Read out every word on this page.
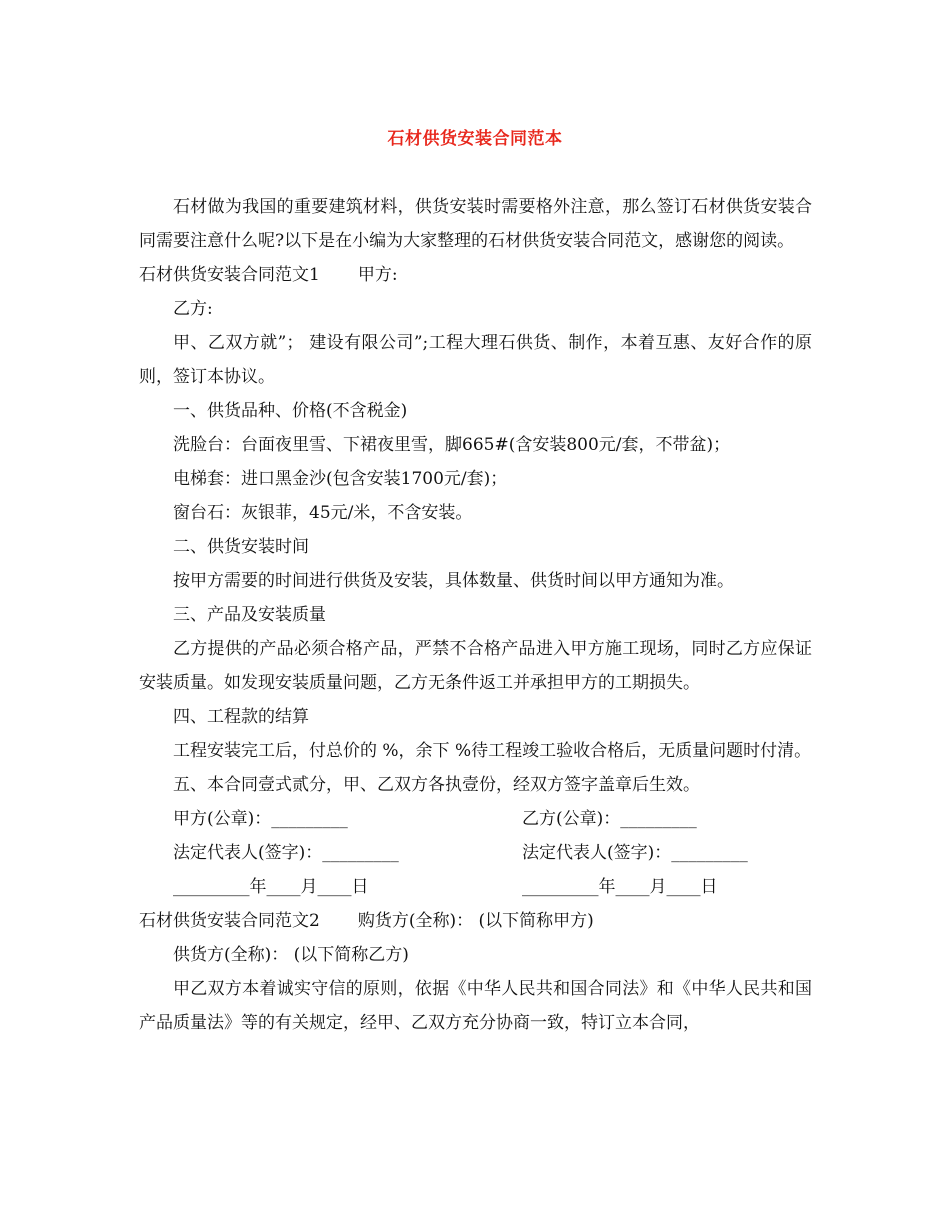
石材供货安装合同范本

石材做为我国的重要建筑材料，供货安装时需要格外注意，那么签订石材供货安装合同需要注意什么呢?以下是在小编为大家整理的石材供货安装合同范文，感谢您的阅读。

石材供货安装合同范文1 甲方:

乙方:

甲、乙双方就”； 建设有限公司”;工程大理石供货、制作，本着互惠、友好合作的原则，签订本协议。

一、供货品种、价格(不含税金)

洗脸台：台面夜里雪、下裙夜里雪，脚665#(含安装800元/套，不带盆)；

电梯套：进口黑金沙(包含安装1700元/套)；

窗台石：灰银菲，45元/米，不含安装。

二、供货安装时间

按甲方需要的时间进行供货及安装，具体数量、供货时间以甲方通知为准。

三、产品及安装质量

乙方提供的产品必须合格产品，严禁不合格产品进入甲方施工现场，同时乙方应保证安装质量。如发现安装质量问题，乙方无条件返工并承担甲方的工期损失。

四、工程款的结算

工程安装完工后，付总价的 %，余下 %待工程竣工验收合格后，无质量问题时付清。

五、本合同壹式贰分，甲、乙双方各执壹份，经双方签字盖章后生效。

甲方(公章)：_________	乙方(公章)：_________
法定代表人(签字)：_________	法定代表人(签字)：_________
_________年____月____日	_________年____月____日

石材供货安装合同范文2 购货方(全称)： (以下简称甲方)

供货方(全称)： (以下简称乙方)

甲乙双方本着诚实守信的原则，依据《中华人民共和国合同法》和《中华人民共和国产品质量法》等的有关规定，经甲、乙双方充分协商一致，特订立本合同，
